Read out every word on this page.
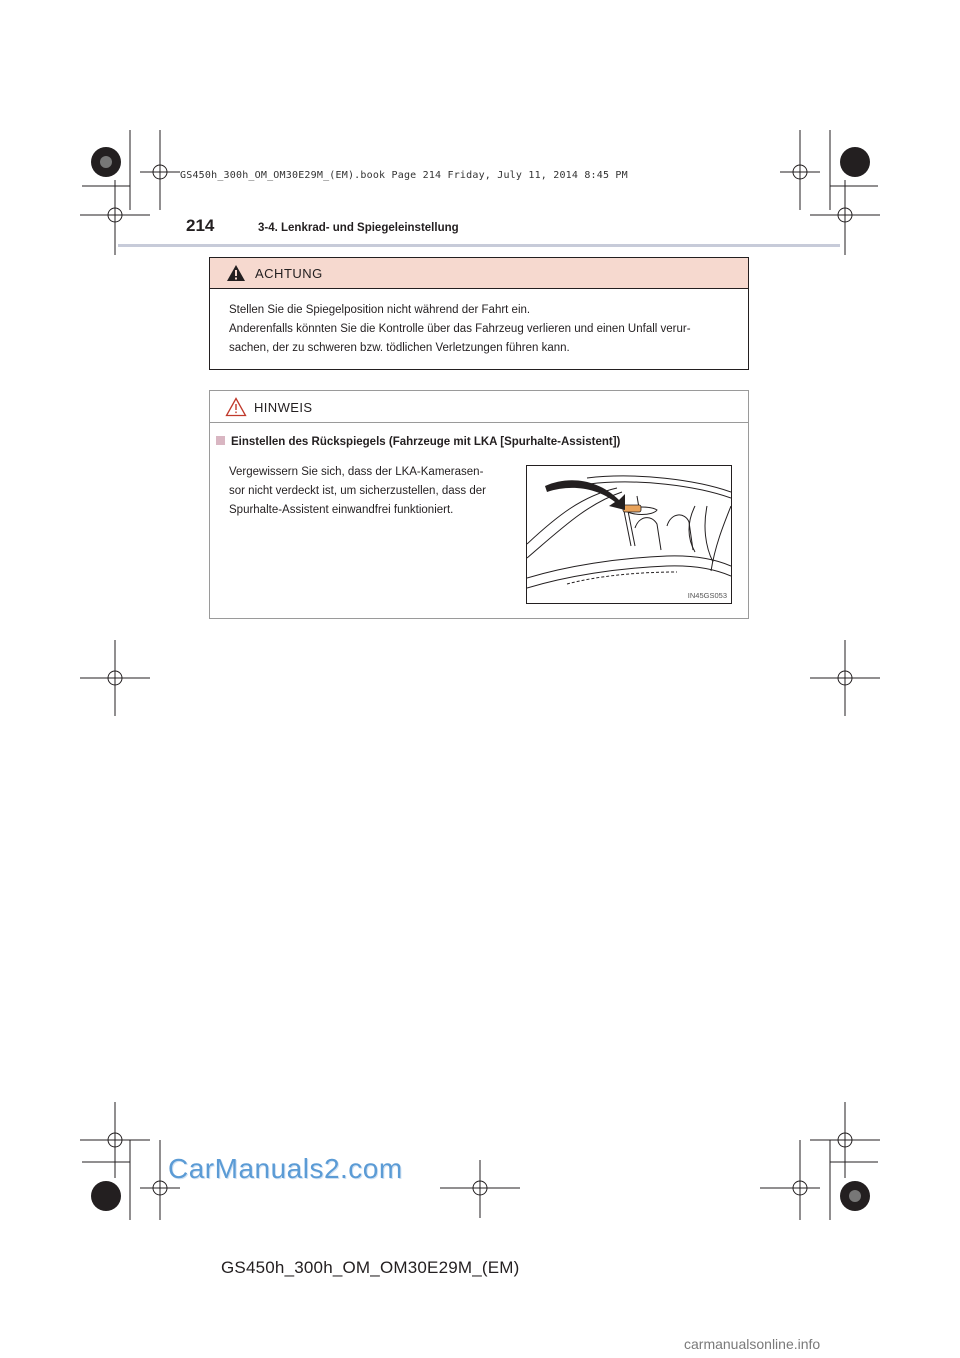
GS450h_300h_OM_OM30E29M_(EM).book Page 214 Friday, July 11, 2014 8:45 PM
214	3-4. Lenkrad- und Spiegeleinstellung
ACHTUNG

Stellen Sie die Spiegelposition nicht während der Fahrt ein.

Anderenfalls könnten Sie die Kontrolle über das Fahrzeug verlieren und einen Unfall verur-

sachen, der zu schweren bzw. tödlichen Verletzungen führen kann.

HINWEIS
Einstellen des Rückspiegels (Fahrzeuge mit LKA [Spurhalte-Assistent])
Vergewissern Sie sich, dass der LKA-Kamerasen-
sor nicht verdeckt ist, um sicherzustellen, dass der
Spurhalte-Assistent einwandfrei funktioniert.
IN45GS053
CarManuals2.com
GS450h_300h_OM_OM30E29M_(EM)
carmanualsonline.info
